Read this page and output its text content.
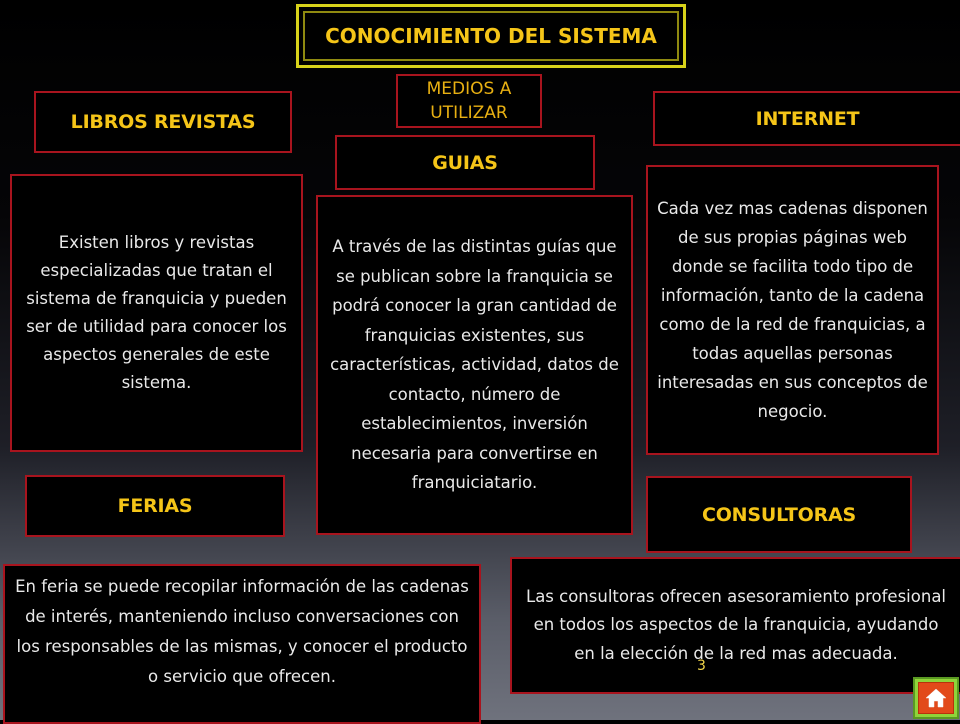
CONOCIMIENTO DEL SISTEMA
MEDIOS A UTILIZAR
LIBROS REVISTAS
Existen libros y revistas especializadas que tratan el sistema de franquicia y pueden ser de utilidad para conocer los aspectos generales de este sistema.
GUIAS
A través de las distintas guías que se publican sobre la franquicia se podrá conocer la gran cantidad de franquicias existentes, sus características, actividad, datos de contacto, número de establecimientos, inversión necesaria para convertirse en franquiciatario.
INTERNET
Cada vez mas cadenas disponen de sus propias páginas web donde se facilita todo tipo de información, tanto de la cadena como de la red de franquicias, a todas aquellas personas interesadas en sus conceptos de negocio.
FERIAS
En feria se puede recopilar información de las cadenas de interés, manteniendo incluso conversaciones con los responsables de las mismas, y conocer el producto o servicio que ofrecen.
CONSULTORAS
Las consultoras ofrecen asesoramiento profesional en todos los aspectos de la franquicia, ayudando en la elección de la red mas adecuada.
3
